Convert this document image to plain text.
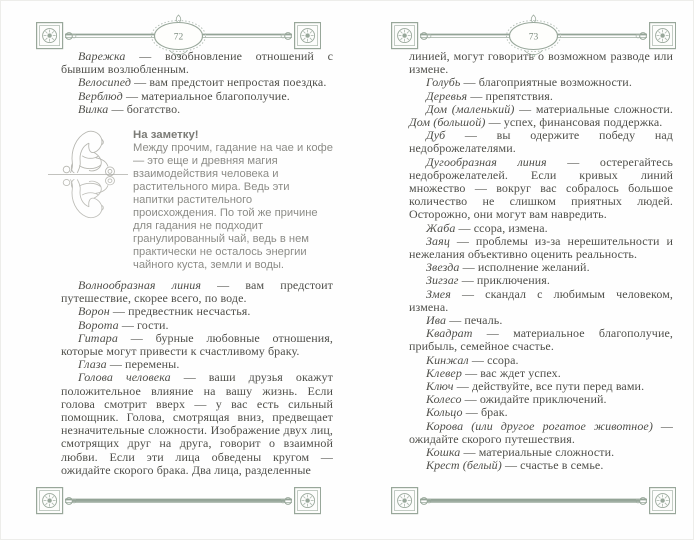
72

Варежка — возобновление отношений с бывшим возлюбленным.

Велосипед — вам предстоит непростая поездка.

Верблюд — материальное благополучие.

Вилка — богатство.

На заметку!

Между прочим, гадание на чае и кофе — это еще и древняя магия взаимодействия человека и растительного мира. Ведь эти напитки растительного происхождения. По той же причине для гадания не подходит гранулированный чай, ведь в нем практически не осталось энергии чайного куста, земли и воды.

Волнообразная линия — вам предстоит путешествие, скорее всего, по воде.

Ворон — предвестник несчастья.

Ворота — гости.

Гитара — бурные любовные отношения, которые могут привести к счастливому браку.

Глаза — перемены.

Голова человека — ваши друзья окажут положительное влияние на вашу жизнь. Если голова смотрит вверх — у вас есть сильный помощник. Голова, смотрящая вниз, предвещает незначительные сложности. Изображение двух лиц, смотрящих друг на друга, говорит о взаимной любви. Если эти лица обведены кругом — ожидайте скорого брака. Два лица, разделенные

73

линией, могут говорить о возможном разводе или измене.

Голубь — благоприятные возможности.

Деревья — препятствия.

Дом (маленький) — материальные сложности. Дом (большой) — успех, финансовая поддержка.

Дуб — вы одержите победу над недоброжелателями.

Дугообразная линия — остерегайтесь недоброжелателей. Если кривых линий множество — вокруг вас собралось большое количество не слишком приятных людей. Осторожно, они могут вам навредить.

Жаба — ссора, измена.

Заяц — проблемы из-за нерешительности и нежелания объективно оценить реальность.

Звезда — исполнение желаний.

Зигзаг — приключения.

Змея — скандал с любимым человеком, измена.

Ива — печаль.

Квадрат — материальное благополучие, прибыль, семейное счастье.

Кинжал — ссора.

Клевер — вас ждет успех.

Ключ — действуйте, все пути перед вами.

Колесо — ожидайте приключений.

Кольцо — брак.

Корова (или другое рогатое животное) — ожидайте скорого путешествия.

Кошка — материальные сложности.

Крест (белый) — счастье в семье.
